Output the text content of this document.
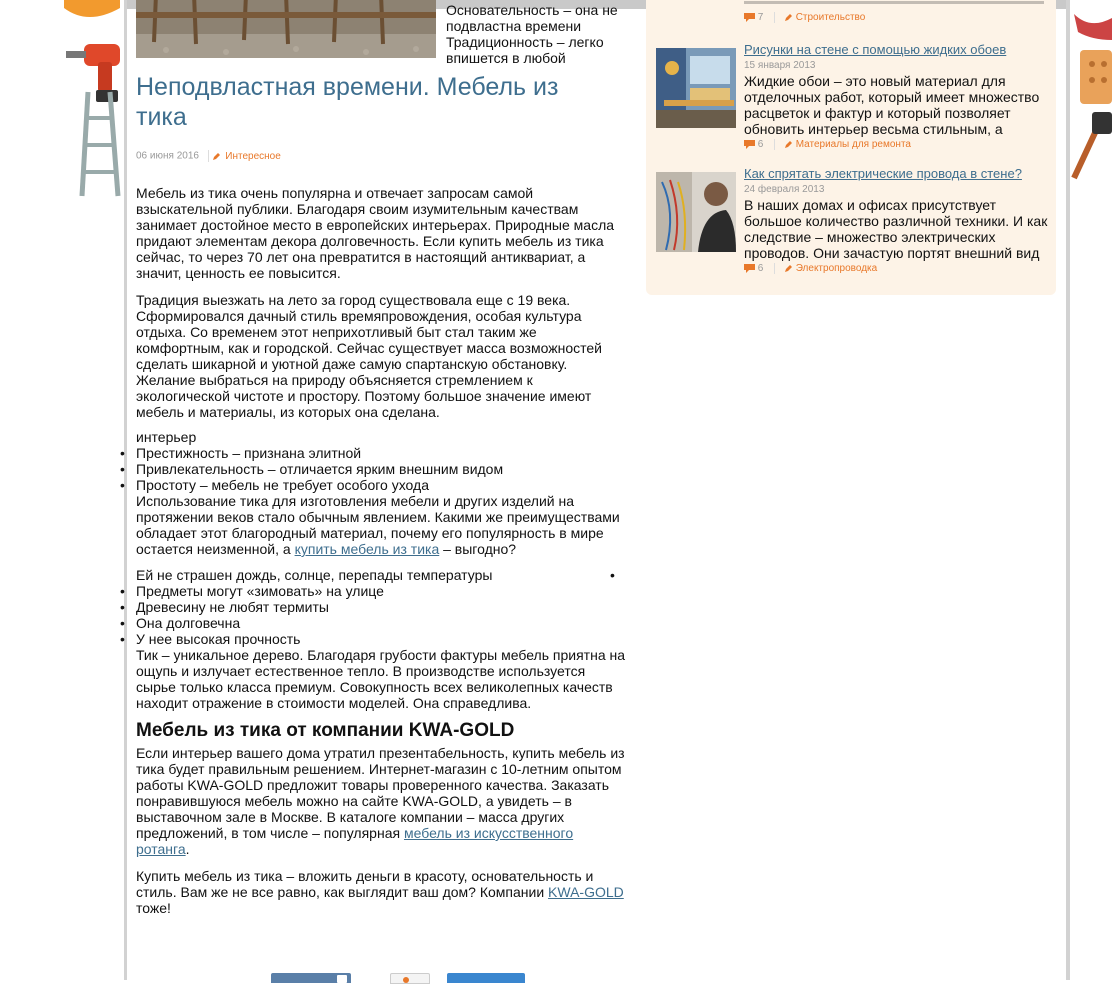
Основательность – она не подвластна времени Традиционность – легко впишется в любой
Неподвластная времени. Мебель из тика
06 июня 2016	Интересное

Мебель из тика очень популярна и отвечает запросам самой взыскательной публики. Благодаря своим изумительным качествам занимает достойное место в европейских интерьерах. Природные масла придают элементам декора долговечность. Если купить мебель из тика сейчас, то через 70 лет она превратится в настоящий антиквариат, а значит, ценность ее повысится.

Традиция выезжать на лето за город существовала еще с 19 века. Сформировался дачный стиль времяпровождения, особая культура отдыха. Со временем этот неприхотливый быт стал таким же комфортным, как и городской. Сейчас существует масса возможностей сделать шикарной и уютной даже самую спартанскую обстановку. Желание выбраться на природу объясняется стремлением к экологической чистоте и простору. Поэтому большое значение имеют мебель и материалы, из которых она сделана.

интерьер
• Престижность – признана элитной
• Привлекательность – отличается ярким внешним видом
• Простоту – мебель не требует особого ухода

Использование тика для изготовления мебели и других изделий на протяжении веков стало обычным явлением. Какими же преимуществами обладает этот благородный материал, почему его популярность в мире остается неизменной, а купить мебель из тика – выгодно?

Ей не страшен дождь, солнце, перепады температуры	•
• Предметы могут «зимовать» на улице
• Древесину не любят термиты
• Она долговечна
• У нее высокая прочность

Тик – уникальное дерево. Благодаря грубости фактуры мебель приятна на ощупь и излучает естественное тепло. В производстве используется сырье только класса премиум. Совокупность всех великолепных качеств находит отражение в стоимости моделей. Она справедлива.

Мебель из тика от компании KWA-GOLD

Если интерьер вашего дома утратил презентабельность, купить мебель из тика будет правильным решением. Интернет-магазин с 10-летним опытом работы KWA-GOLD предложит товары проверенного качества. Заказать понравившуюся мебель можно на сайте KWA-GOLD, а увидеть – в выставочном зале в Москве. В каталоге компании – масса других предложений, в том числе – популярная мебель из искусственного ротанга.

Купить мебель из тика – вложить деньги в красоту, основательность и стиль. Вам же не все равно, как выглядит ваш дом? Компании KWA-GOLD тоже!

7	Строительство
Рисунки на стене с помощью жидких обоев
15 января 2013
Жидкие обои – это новый материал для отделочных работ, который имеет множество расцветок и фактур и который позволяет обновить интерьер весьма стильным, а
6	Материалы для ремонта
Как спрятать электрические провода в стене?
24 февраля 2013
В наших домах и офисах присутствует большое количество различной техники. И как следствие – множество электрических проводов. Они зачастую портят внешний вид
6	Электропроводка
